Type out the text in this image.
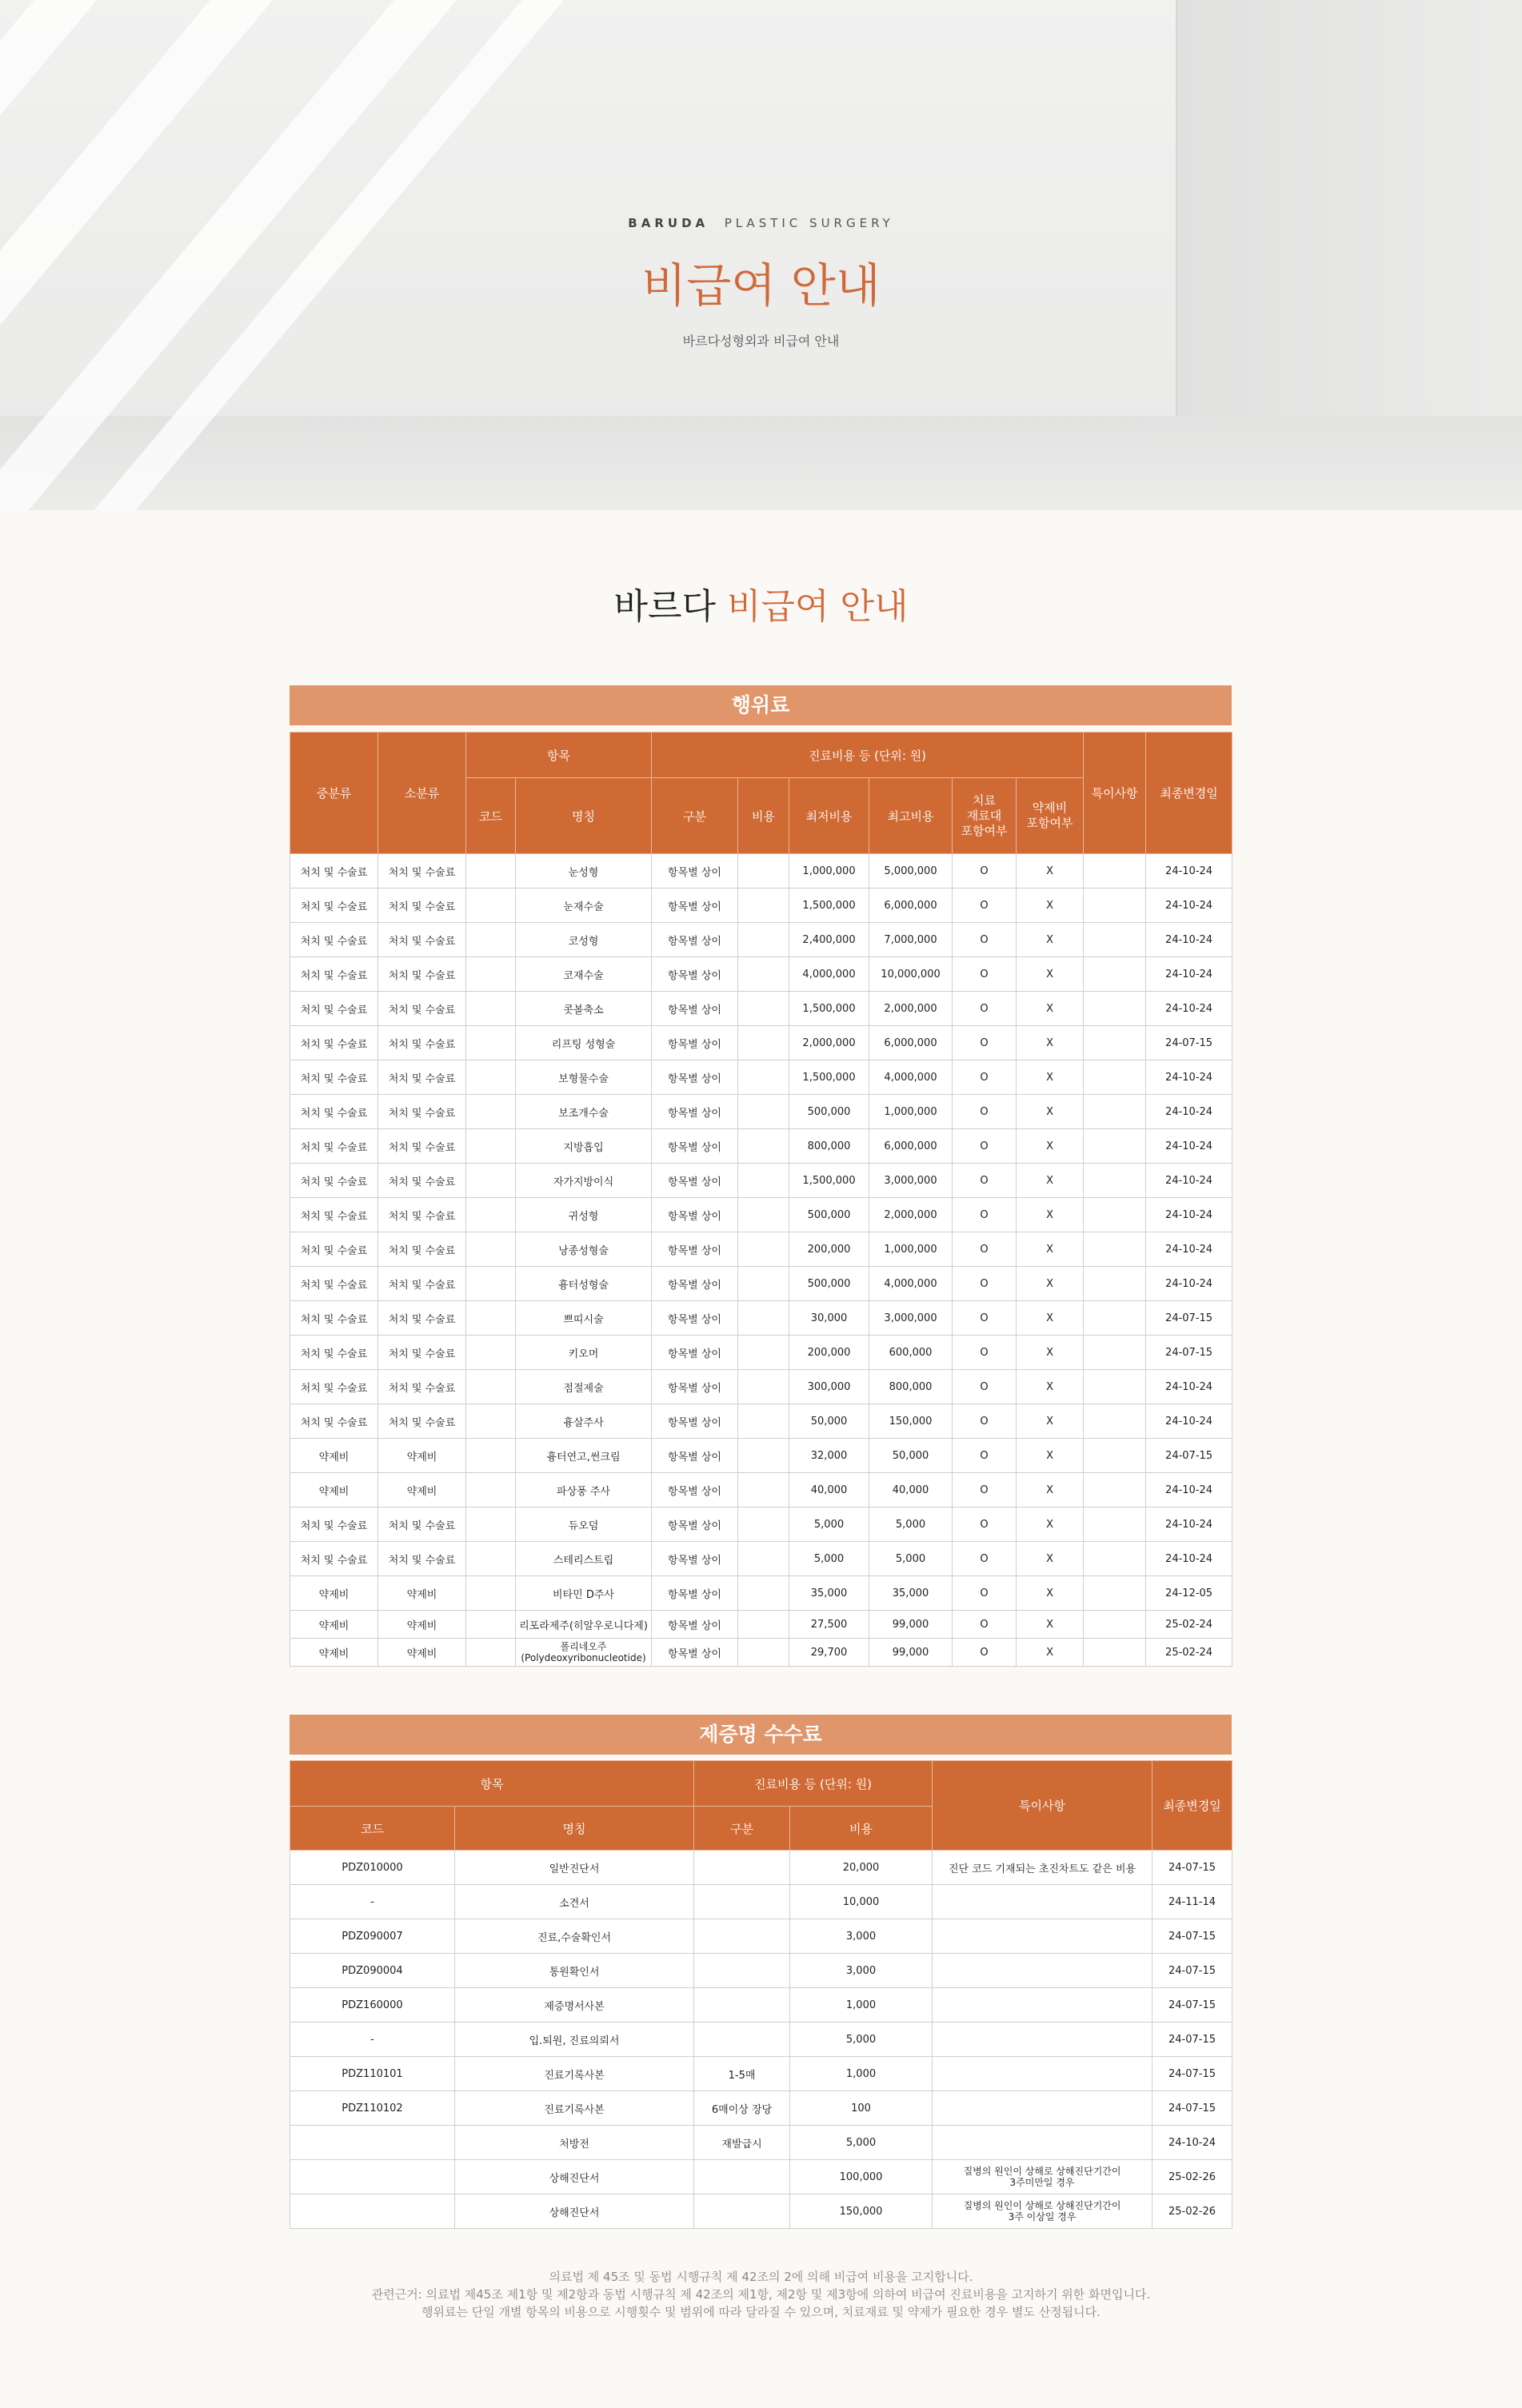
BARUDA PLASTIC SURGERY
비급여 안내
바르다성형외과 비급여 안내
바르다 비급여 안내
행위료
중분류	소분류	항목		진료비용 등 (단위: 원)						특이사항	최종변경일
		코드	명칭	구분	비용	최저비용	최고비용	치료
재료대
포함여부	약제비
포함여부		
처치 및 수술료	처치 및 수술료		눈성형	항목별 상이		1,000,000	5,000,000	O	X		24-10-24
처치 및 수술료	처치 및 수술료		눈재수술	항목별 상이		1,500,000	6,000,000	O	X		24-10-24
처치 및 수술료	처치 및 수술료		코성형	항목별 상이		2,400,000	7,000,000	O	X		24-10-24
처치 및 수술료	처치 및 수술료		코재수술	항목별 상이		4,000,000	10,000,000	O	X		24-10-24
처치 및 수술료	처치 및 수술료		콧볼축소	항목별 상이		1,500,000	2,000,000	O	X		24-10-24
처치 및 수술료	처치 및 수술료		리프팅 성형술	항목별 상이		2,000,000	6,000,000	O	X		24-07-15
처치 및 수술료	처치 및 수술료		보형물수술	항목별 상이		1,500,000	4,000,000	O	X		24-10-24
처치 및 수술료	처치 및 수술료		보조개수술	항목별 상이		500,000	1,000,000	O	X		24-10-24
처치 및 수술료	처치 및 수술료		지방흡입	항목별 상이		800,000	6,000,000	O	X		24-10-24
처치 및 수술료	처치 및 수술료		자가지방이식	항목별 상이		1,500,000	3,000,000	O	X		24-10-24
처치 및 수술료	처치 및 수술료		귀성형	항목별 상이		500,000	2,000,000	O	X		24-10-24
처치 및 수술료	처치 및 수술료		낭종성형술	항목별 상이		200,000	1,000,000	O	X		24-10-24
처치 및 수술료	처치 및 수술료		흉터성형술	항목별 상이		500,000	4,000,000	O	X		24-10-24
처치 및 수술료	처치 및 수술료		쁘띠시술	항목별 상이		30,000	3,000,000	O	X		24-07-15
처치 및 수술료	처치 및 수술료		키오머	항목별 상이		200,000	600,000	O	X		24-07-15
처치 및 수술료	처치 및 수술료		점절제술	항목별 상이		300,000	800,000	O	X		24-10-24
처치 및 수술료	처치 및 수술료		흉살주사	항목별 상이		50,000	150,000	O	X		24-10-24
약제비	약제비		흉터연고,썬크림	항목별 상이		32,000	50,000	O	X		24-07-15
약제비	약제비		파상풍 주사	항목별 상이		40,000	40,000	O	X		24-10-24
처치 및 수술료	처치 및 수술료		듀오덤	항목별 상이		5,000	5,000	O	X		24-10-24
처치 및 수술료	처치 및 수술료		스테리스트립	항목별 상이		5,000	5,000	O	X		24-10-24
약제비	약제비		비타민 D주사	항목별 상이		35,000	35,000	O	X		24-12-05
약제비	약제비		리포라제주(히알우로니다제)	항목별 상이		27,500	99,000	O	X		25-02-24
약제비	약제비		폴리네오주
(Polydeoxyribonucleotide)	항목별 상이		29,700	99,000	O	X		25-02-24
제증명 수수료
항목		진료비용 등 (단위: 원)		특이사항	최종변경일
코드	명칭	구분	비용		
PDZ010000	일반진단서		20,000	진단 코드 기재되는 초진차트도 같은 비용	24-07-15
-	소견서		10,000		24-11-14
PDZ090007	진료,수술확인서		3,000		24-07-15
PDZ090004	통원확인서		3,000		24-07-15
PDZ160000	제증명서사본		1,000		24-07-15
-	입.퇴원, 진료의뢰서		5,000		24-07-15
PDZ110101	진료기록사본	1-5매	1,000		24-07-15
PDZ110102	진료기록사본	6매이상 장당	100		24-07-15
	처방전	재발급시	5,000		24-10-24
	상해진단서		100,000	질병의 원인이 상해로 상해진단기간이
3주미만일 경우	25-02-26
	상해진단서		150,000	질병의 원인이 상해로 상해진단기간이
3주 이상일 경우	25-02-26
의료법 제 45조 및 동법 시행규칙 제 42조의 2에 의해 비급여 비용을 고지합니다.
관련근거: 의료법 제45조 제1항 및 제2항과 동법 시행규칙 제 42조의 제1항, 제2항 및 제3항에 의하여 비급여 진료비용을 고지하기 위한 화면입니다.
행위료는 단일 개별 항목의 비용으로 시행횟수 및 범위에 따라 달라질 수 있으며, 치료재료 및 약제가 필요한 경우 별도 산정됩니다.
